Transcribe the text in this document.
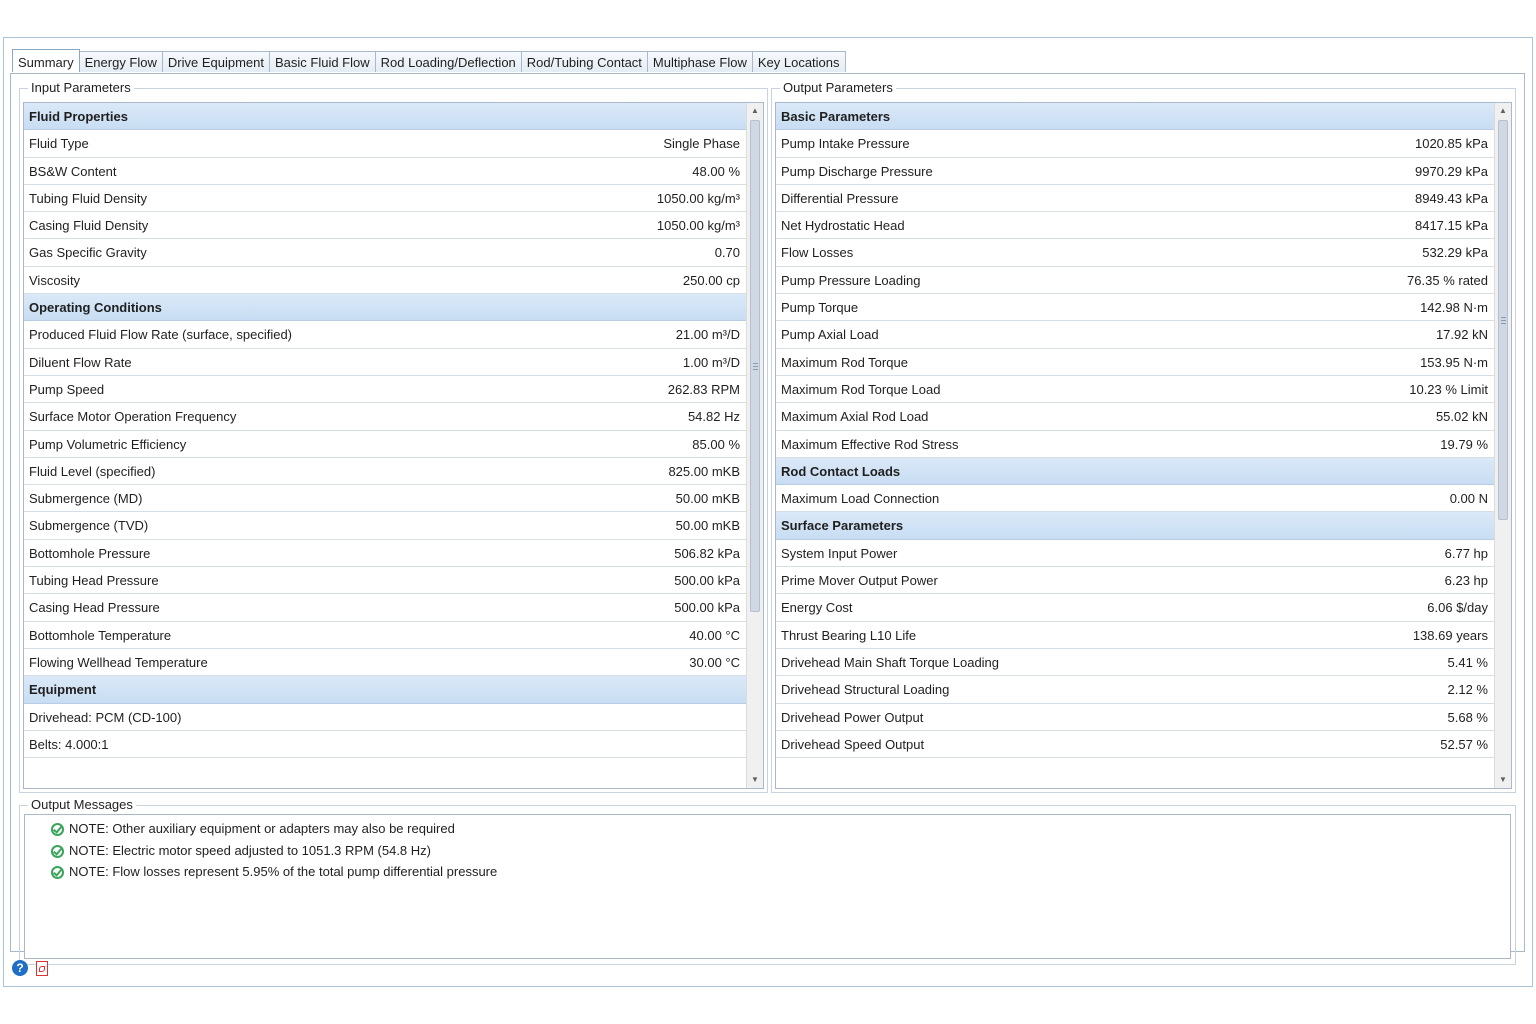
Summary Energy Flow Drive Equipment Basic Fluid Flow Rod Loading/Deflection Rod/Tubing Contact Multiphase Flow Key Locations
Input Parameters
Fluid Properties
Fluid Type	Single Phase
BS&W Content	48.00 %
Tubing Fluid Density	1050.00 kg/m³
Casing Fluid Density	1050.00 kg/m³
Gas Specific Gravity	0.70
Viscosity	250.00 cp
Operating Conditions
Produced Fluid Flow Rate (surface, specified)	21.00 m³/D
Diluent Flow Rate	1.00 m³/D
Pump Speed	262.83 RPM
Surface Motor Operation Frequency	54.82 Hz
Pump Volumetric Efficiency	85.00 %
Fluid Level (specified)	825.00 mKB
Submergence (MD)	50.00 mKB
Submergence (TVD)	50.00 mKB
Bottomhole Pressure	506.82 kPa
Tubing Head Pressure	500.00 kPa
Casing Head Pressure	500.00 kPa
Bottomhole Temperature	40.00 °C
Flowing Wellhead Temperature	30.00 °C
Equipment
Drivehead: PCM (CD-100)
Belts: 4.000:1
▲
▼
Output Parameters
Basic Parameters
Pump Intake Pressure	1020.85 kPa
Pump Discharge Pressure	9970.29 kPa
Differential Pressure	8949.43 kPa
Net Hydrostatic Head	8417.15 kPa
Flow Losses	532.29 kPa
Pump Pressure Loading	76.35 % rated
Pump Torque	142.98 N·m
Pump Axial Load	17.92 kN
Maximum Rod Torque	153.95 N·m
Maximum Rod Torque Load	10.23 % Limit
Maximum Axial Rod Load	55.02 kN
Maximum Effective Rod Stress	19.79 %
Rod Contact Loads
Maximum Load Connection	0.00 N
Surface Parameters
System Input Power	6.77 hp
Prime Mover Output Power	6.23 hp
Energy Cost	6.06 $/day
Thrust Bearing L10 Life	138.69 years
Drivehead Main Shaft Torque Loading	5.41 %
Drivehead Structural Loading	2.12 %
Drivehead Power Output	5.68 %
Drivehead Speed Output	52.57 %
▲
▼
Output Messages
NOTE: Other auxiliary equipment or adapters may also be required
NOTE: Electric motor speed adjusted to 1051.3 RPM (54.8 Hz)
NOTE: Flow losses represent 5.95% of the total pump differential pressure
?
